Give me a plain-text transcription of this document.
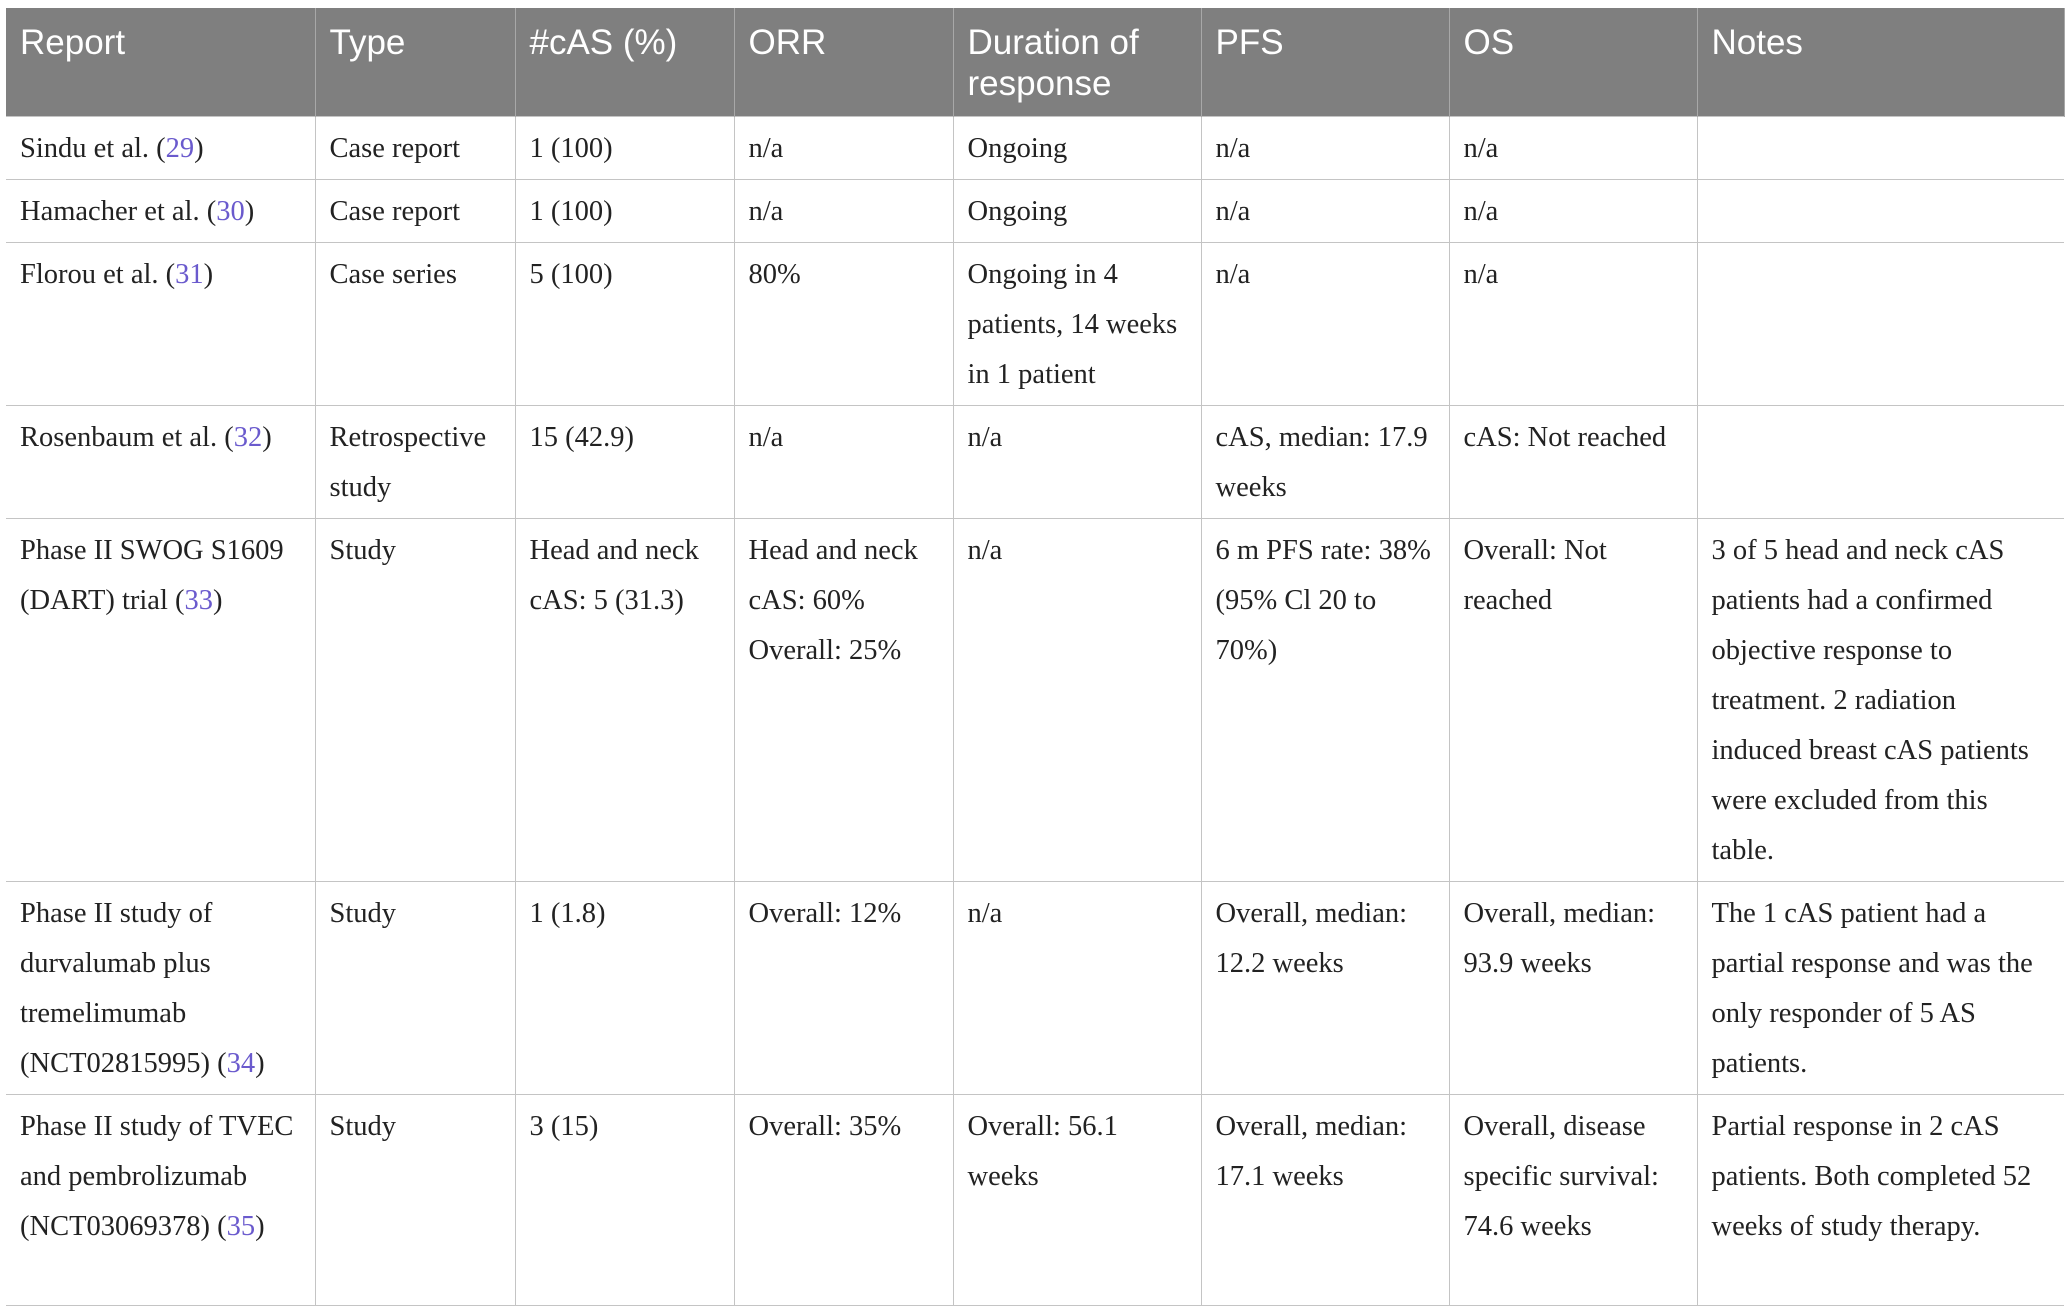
Report	Type	#cAS (%)	ORR	Duration of response	PFS	OS	Notes
Sindu et al. (29)	Case report	1 (100)	n/a	Ongoing	n/a	n/a	
Hamacher et al. (30)	Case report	1 (100)	n/a	Ongoing	n/a	n/a	
Florou et al. (31)	Case series	5 (100)	80%	Ongoing in 4 patients, 14 weeks in 1 patient	n/a	n/a	
Rosenbaum et al. (32)	Retrospective study	15 (42.9)	n/a	n/a	cAS, median: 17.9 weeks	cAS: Not reached	
Phase II SWOG S1609 (DART) trial (33)	Study	Head and neck cAS: 5 (31.3)	Head and neck cAS: 60% Overall: 25%	n/a	6 m PFS rate: 38% (95% Cl 20 to 70%)	Overall: Not reached	3 of 5 head and neck cAS patients had a confirmed objective response to treatment. 2 radiation induced breast cAS patients were excluded from this table.
Phase II study of durvalumab plus tremelimumab (NCT02815995) (34)	Study	1 (1.8)	Overall: 12%	n/a	Overall, median: 12.2 weeks	Overall, median: 93.9 weeks	The 1 cAS patient had a partial response and was the only responder of 5 AS patients.
Phase II study of TVEC and pembrolizumab (NCT03069378) (35)	Study	3 (15)	Overall: 35%	Overall: 56.1 weeks	Overall, median: 17.1 weeks	Overall, disease specific survival: 74.6 weeks	Partial response in 2 cAS patients. Both completed 52 weeks of study therapy.
